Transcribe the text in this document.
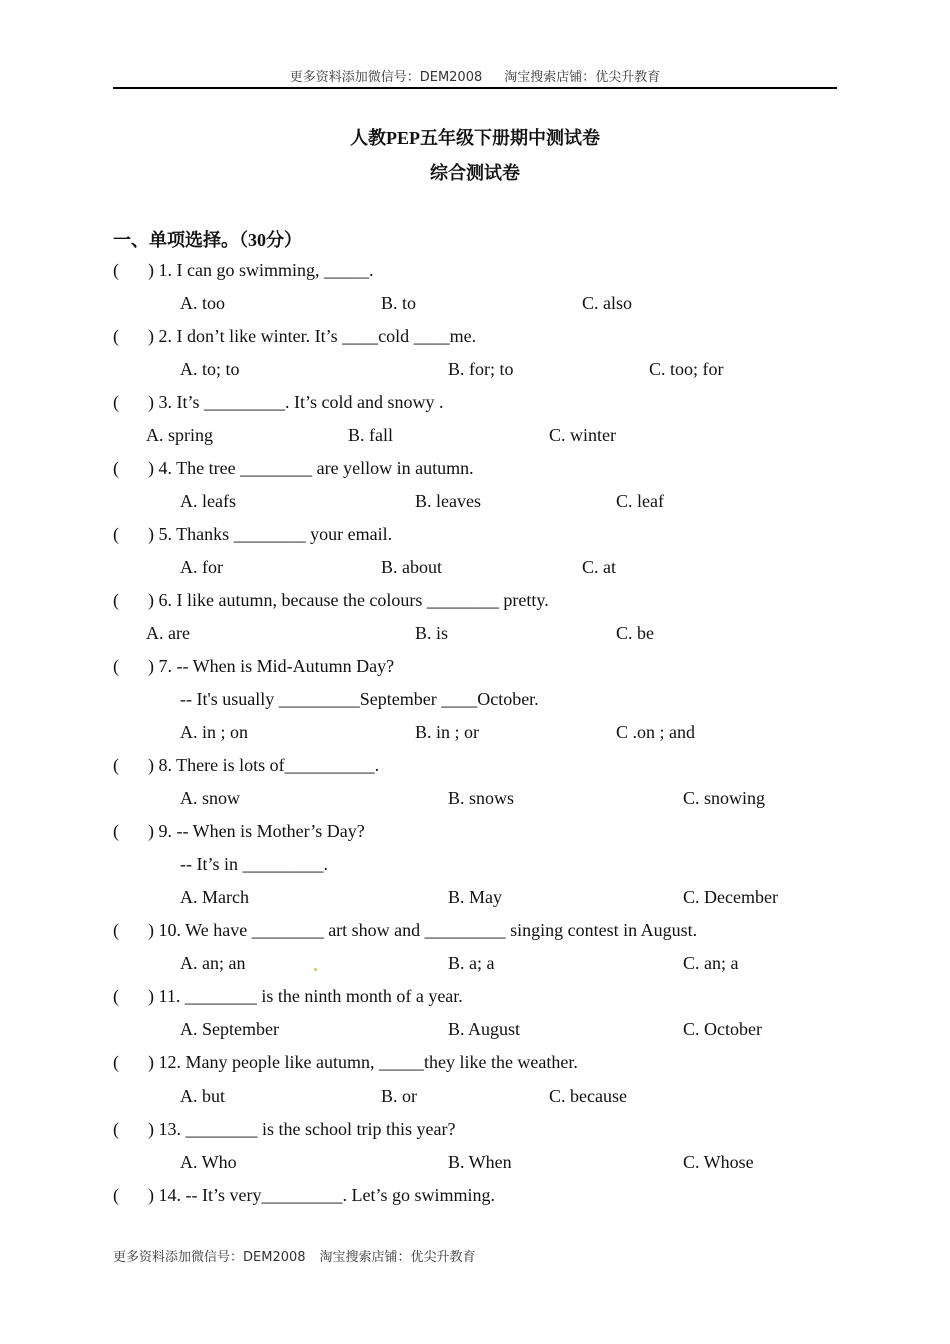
更多资料添加微信号：DEM2008 淘宝搜索店铺：优尖升教育
人教PEP五年级下册期中测试卷
综合测试卷
一、单项选择。（30分）
( ) 1. I can go swimming, _____.
A. too	B. to	C. also
( ) 2. I don’t like winter. It’s ____cold ____me.
A. to; to	B. for; to	C. too; for
( ) 3. It’s _________. It’s cold and snowy .
A. spring	B. fall	C. winter
( ) 4. The tree ________ are yellow in autumn.
A. leafs	B. leaves	C. leaf
( ) 5. Thanks ________ your email.
A. for	B. about	C. at
( ) 6. I like autumn, because the colours ________ pretty.
A. are	B. is	C. be
( ) 7. -- When is Mid-Autumn Day?
-- It's usually _________September ____October.
A. in ; on	B. in ; or	C .on ; and
( ) 8. There is lots of__________.
A. snow	B. snows	C. snowing
( ) 9. -- When is Mother’s Day?
-- It’s in _________.
A. March	B. May	C. December
( ) 10. We have ________ art show and _________ singing contest in August.
A. an; an	B. a; a	C. an; a
( ) 11. ________ is the ninth month of a year.
A. September	B. August	C. October
( ) 12. Many people like autumn, _____they like the weather.
A. but	B. or	C. because
( ) 13. ________ is the school trip this year?
A. Who	B. When	C. Whose
( ) 14. -- It’s very_________. Let’s go swimming.
更多资料添加微信号：DEM2008 淘宝搜索店铺：优尖升教育
